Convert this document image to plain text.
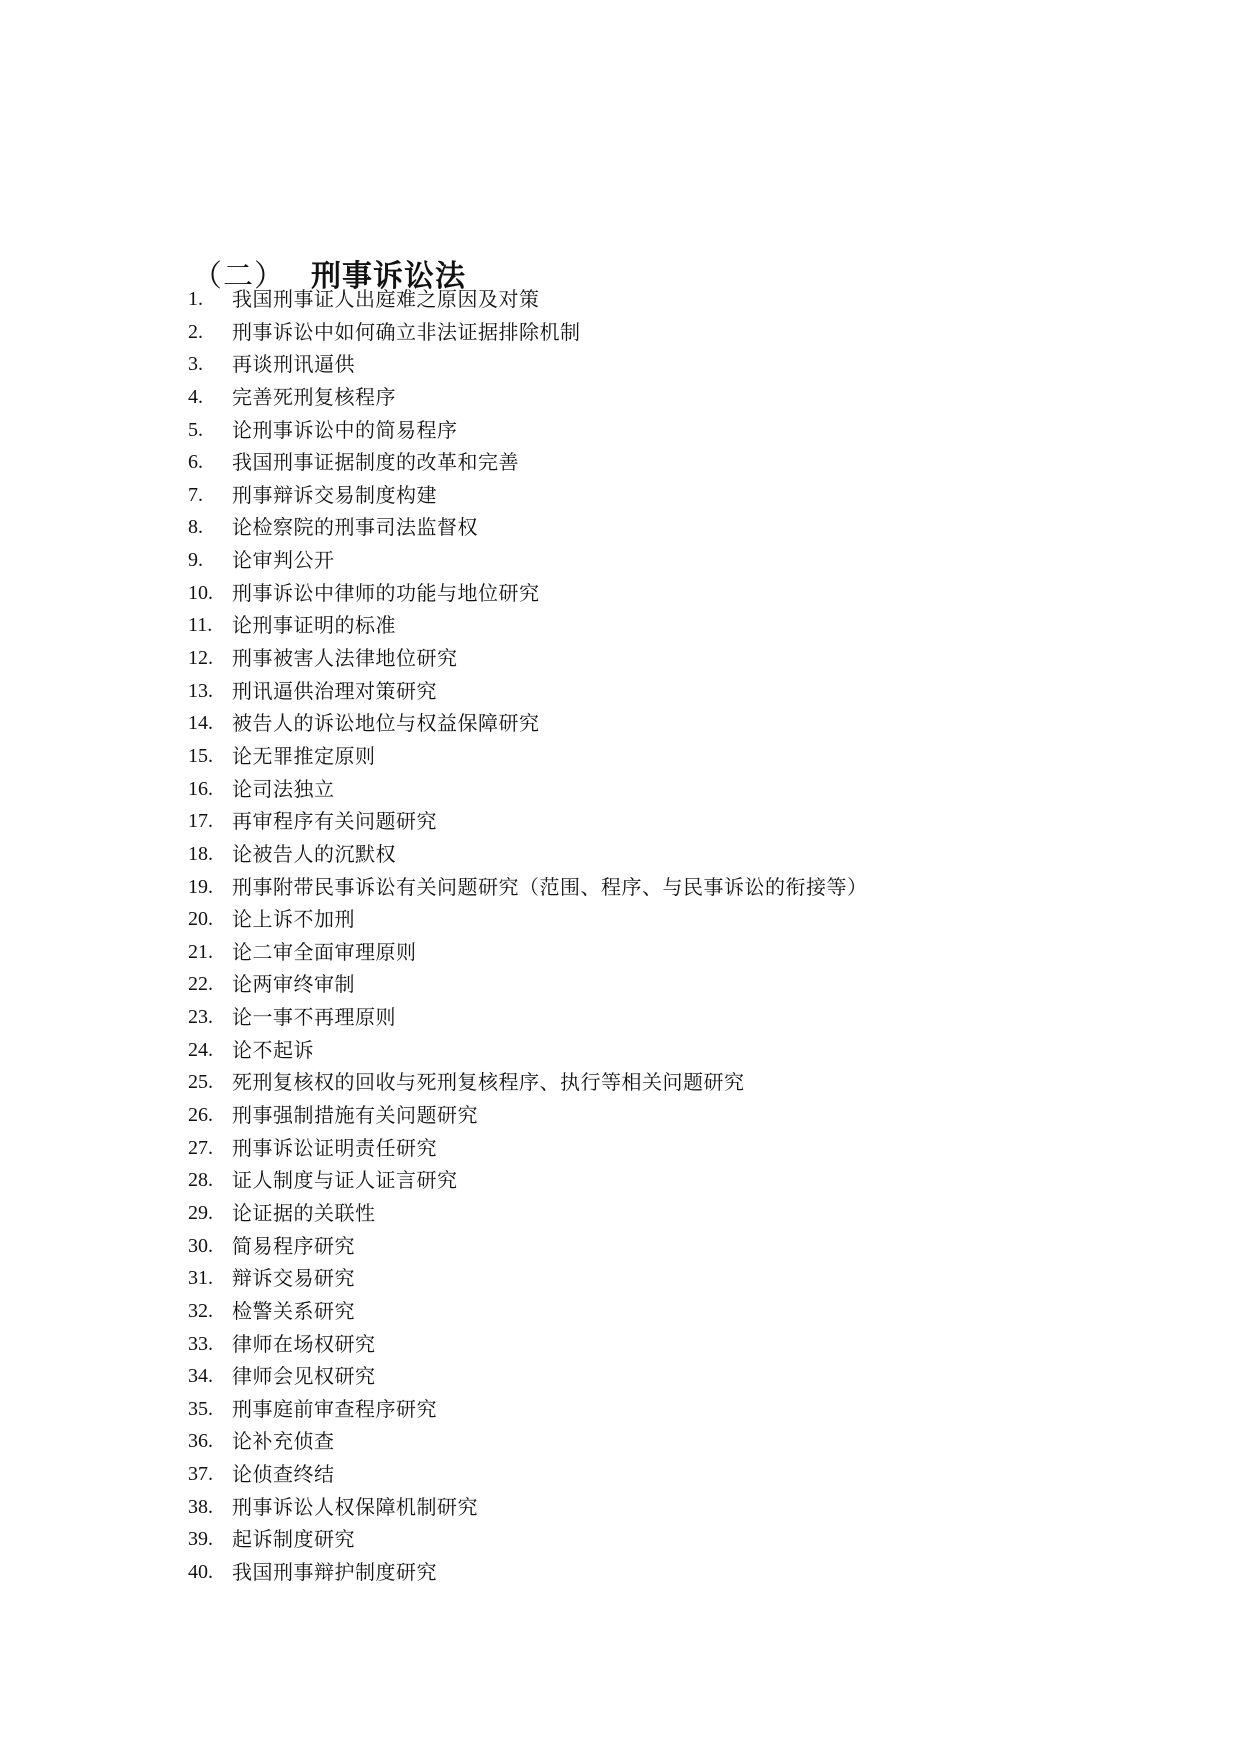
（二） 刑事诉讼法
1.	我国刑事证人出庭难之原因及对策
2.	刑事诉讼中如何确立非法证据排除机制
3.	再谈刑讯逼供
4.	完善死刑复核程序
5.	论刑事诉讼中的简易程序
6.	我国刑事证据制度的改革和完善
7.	刑事辩诉交易制度构建
8.	论检察院的刑事司法监督权
9.	论审判公开
10. 刑事诉讼中律师的功能与地位研究
11. 论刑事证明的标准
12. 刑事被害人法律地位研究
13. 刑讯逼供治理对策研究
14. 被告人的诉讼地位与权益保障研究
15. 论无罪推定原则
16. 论司法独立
17. 再审程序有关问题研究
18. 论被告人的沉默权
19. 刑事附带民事诉讼有关问题研究（范围、程序、与民事诉讼的衔接等）
20. 论上诉不加刑
21. 论二审全面审理原则
22. 论两审终审制
23. 论一事不再理原则
24. 论不起诉
25. 死刑复核权的回收与死刑复核程序、执行等相关问题研究
26. 刑事强制措施有关问题研究
27. 刑事诉讼证明责任研究
28. 证人制度与证人证言研究
29. 论证据的关联性
30. 简易程序研究
31. 辩诉交易研究
32. 检警关系研究
33. 律师在场权研究
34. 律师会见权研究
35. 刑事庭前审查程序研究
36. 论补充侦查
37. 论侦查终结
38. 刑事诉讼人权保障机制研究
39. 起诉制度研究
40. 我国刑事辩护制度研究
